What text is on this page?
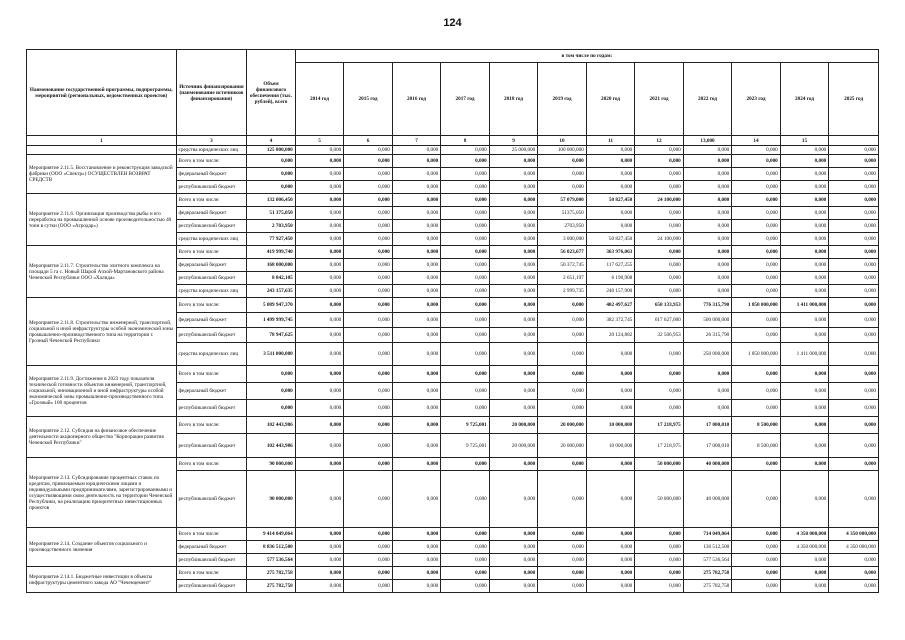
124
Наименование государственной программы, подпрограммы, мероприятий (региональных, ведомственных проектов)	Источник финансирования (наименование источников финансирования)	Объем финансового обеспечения (тыс. рублей), всего	в том числе по годам:											
			2014 год	2015 год	2016 год	2017 год	2018 год	2019 год	2020 год	2021 год	2022 год	2023 год	2024 год	2025 год
1	3	4	5	6	7	8	9	10	11	12	13,000	14	15	
	средства юридических лиц	125 000,000	0,000	0,000	0,000	0,000	25 000,000	100 000,000	0,000	0,000	0,000	0,000	0,000	0,000
Мероприятие 2.11.5. Восстановление и реконструкция заводской фабрики (ООО «Спектр») ОСУЩЕСТВЛЕН ВОЗВРАТ СРЕДСТВ	Всего в том числе:	0,000	0,000	0,000	0,000	0,000	0,000	0,000	0,000	0,000	0,000	0,000	0,000	0,000
	федеральный бюджет	0,000	0,000	0,000	0,000	0,000	0,000	0,000	0,000	0,000	0,000	0,000	0,000	0,000
	республиканский бюджет	0,000	0,000	0,000	0,000	0,000	0,000	0,000	0,000	0,000	0,000	0,000	0,000	0,000
Мероприятие 2.11.6. Организация производства рыбы и его переработка на промышленной основе производительностью 40 тонн в сутки (ООО «Агродар»)	Всего в том числе:	132 006,450	0,000	0,000	0,000	0,000	0,000	57 079,000	50 827,450	24 100,000	0,000	0,000	0,000	0,000
	федеральный бюджет	51 375,050	0,000	0,000	0,000	0,000	0,000	51375,050	0,000	0,000	0,000	0,000	0,000	0,000
	республиканский бюджет	2 703,950	0,000	0,000	0,000	0,000	0,000	2703,950	0,000	0,000	0,000	0,000	0,000	0,000
	средства юридических лиц	77 927,450	0,000	0,000	0,000	0,000	0,000	3 000,000	50 827,450	24 100,000	0,000	0,000	0,000	0,000
Мероприятие 2.11.7. Строительство элитного комплекса на площади 5 га с. Новый Шарой Ачхой-Мартановского района Чеченской Республики ООО «Халида»	Всего в том числе:	419 999,740	0,000	0,000	0,000	0,000	0,000	56 023,677	363 976,063	0,000	0,000	0,000	0,000	0,000
	федеральный бюджет	168 000,000	0,000	0,000	0,000	0,000	0,000	50 372,745	117 627,255	0,000	0,000	0,000	0,000	0,000
	республиканский бюджет	8 842,105	0,000	0,000	0,000	0,000	0,000	2 651,197	6 190,908	0,000	0,000	0,000	0,000	0,000
	средства юридических лиц	243 157,635	0,000	0,000	0,000	0,000	0,000	2 999,735	240 157,900	0,000	0,000	0,000	0,000	0,000
Мероприятие 2.11.8. Строительство инженерной, транспортной, социальной и иной инфраструктуры особой экономической зоны промышленно-производственного типа на территории г. Грозный Чеченской Республики	Всего в том числе:	5 089 947,370	0,000	0,000	0,000	0,000	0,000	0,000	402 497,627	650 133,953	776 315,790	1 850 000,000	1 411 000,000	0,000
	федеральный бюджет	1 499 999,745	0,000	0,000	0,000	0,000	0,000	0,000	382 372,745	617 627,000	500 000,000	0,000	0,000	0,000
	республиканский бюджет	78 947,625	0,000	0,000	0,000	0,000	0,000	0,000	20 124,882	32 506,953	26 315,790	0,000	0,000	0,000
	средства юридических лиц	3 511 000,000	0,000	0,000	0,000	0,000	0,000	0,000	0,000	0,000	250 000,000	1 850 000,000	1 411 000,000	0,000
Мероприятие 2.11.9. Достижение в 2023 году показателя технической готовности объектов инженерной, транспортной, социальной, инновационной и иной инфраструктуры особой экономической зоны промышленно-производственного типа «Грозный» 100 процентов	Всего в том числе:	0,000	0,000	0,000	0,000	0,000	0,000	0,000	0,000	0,000	0,000	0,000	0,000	0,000
	федеральный бюджет	0,000	0,000	0,000	0,000	0,000	0,000	0,000	0,000	0,000	0,000	0,000	0,000	0,000
	республиканский бюджет	0,000	0,000	0,000	0,000	0,000	0,000	0,000	0,000	0,000	0,000	0,000	0,000	0,000
Мероприятие 2.12. Субсидия на финансовое обеспечение деятельности акционерного общества "Корпорация развития Чеченской Республики"	Всего в том числе:	102 443,986	0,000	0,000	0,000	9 725,001	20 000,000	20 000,000	10 000,000	17 218,975	17 000,010	8 500,000	0,000	0,000
	республиканский бюджет	102 443,986	0,000	0,000	0,000	9 725,001	20 000,000	20 000,000	10 000,000	17 218,975	17 000,010	8 500,000	0,000	0,000
Мероприятие 2.13. Субсидирование процентных ставок по кредитам, привлекаемым юридическими лицами и индивидуальными предпринимателями, зарегистрированными и осуществляющими свою деятельность на территории Чеченской Республики, на реализацию приоритетных инвестиционных проектов	Всего в том числе:	90 000,000	0,000	0,000	0,000	0,000	0,000	0,000	0,000	50 000,000	40 000,000	0,000	0,000	0,000
	республиканский бюджет	90 000,000	0,000	0,000	0,000	0,000	0,000	0,000	0,000	50 000,000	40 000,000	0,000	0,000	0,000
Мероприятие 2.14. Создание объектов социального и производственного значения	Всего в том числе:	9 414 049,064	0,000	0,000	0,000	0,000	0,000	0,000	0,000	0,000	714 049,064	0,000	4 350 000,000	4 350 000,000
	федеральный бюджет	8 836 512,500	0,000	0,000	0,000	0,000	0,000	0,000	0,000	0,000	136 512,500	0,000	4 350 000,000	4 350 000,000
	республиканский бюджет	577 536,564	0,000	0,000	0,000	0,000	0,000	0,000	0,000	0,000	577 536,564	0,000	0,000	0,000
Мероприятие 2.14.1. Бюджетные инвестиции в объекты инфраструктуры цементного завода АО "Чеченцемент"	Всего в том числе:	275 782,758	0,000	0,000	0,000	0,000	0,000	0,000	0,000	0,000	275 782,758	0,000	0,000	0,000
	республиканский бюджет	275 782,758	0,000	0,000	0,000	0,000	0,000	0,000	0,000	0,000	275 782,758	0,000	0,000	0,000
